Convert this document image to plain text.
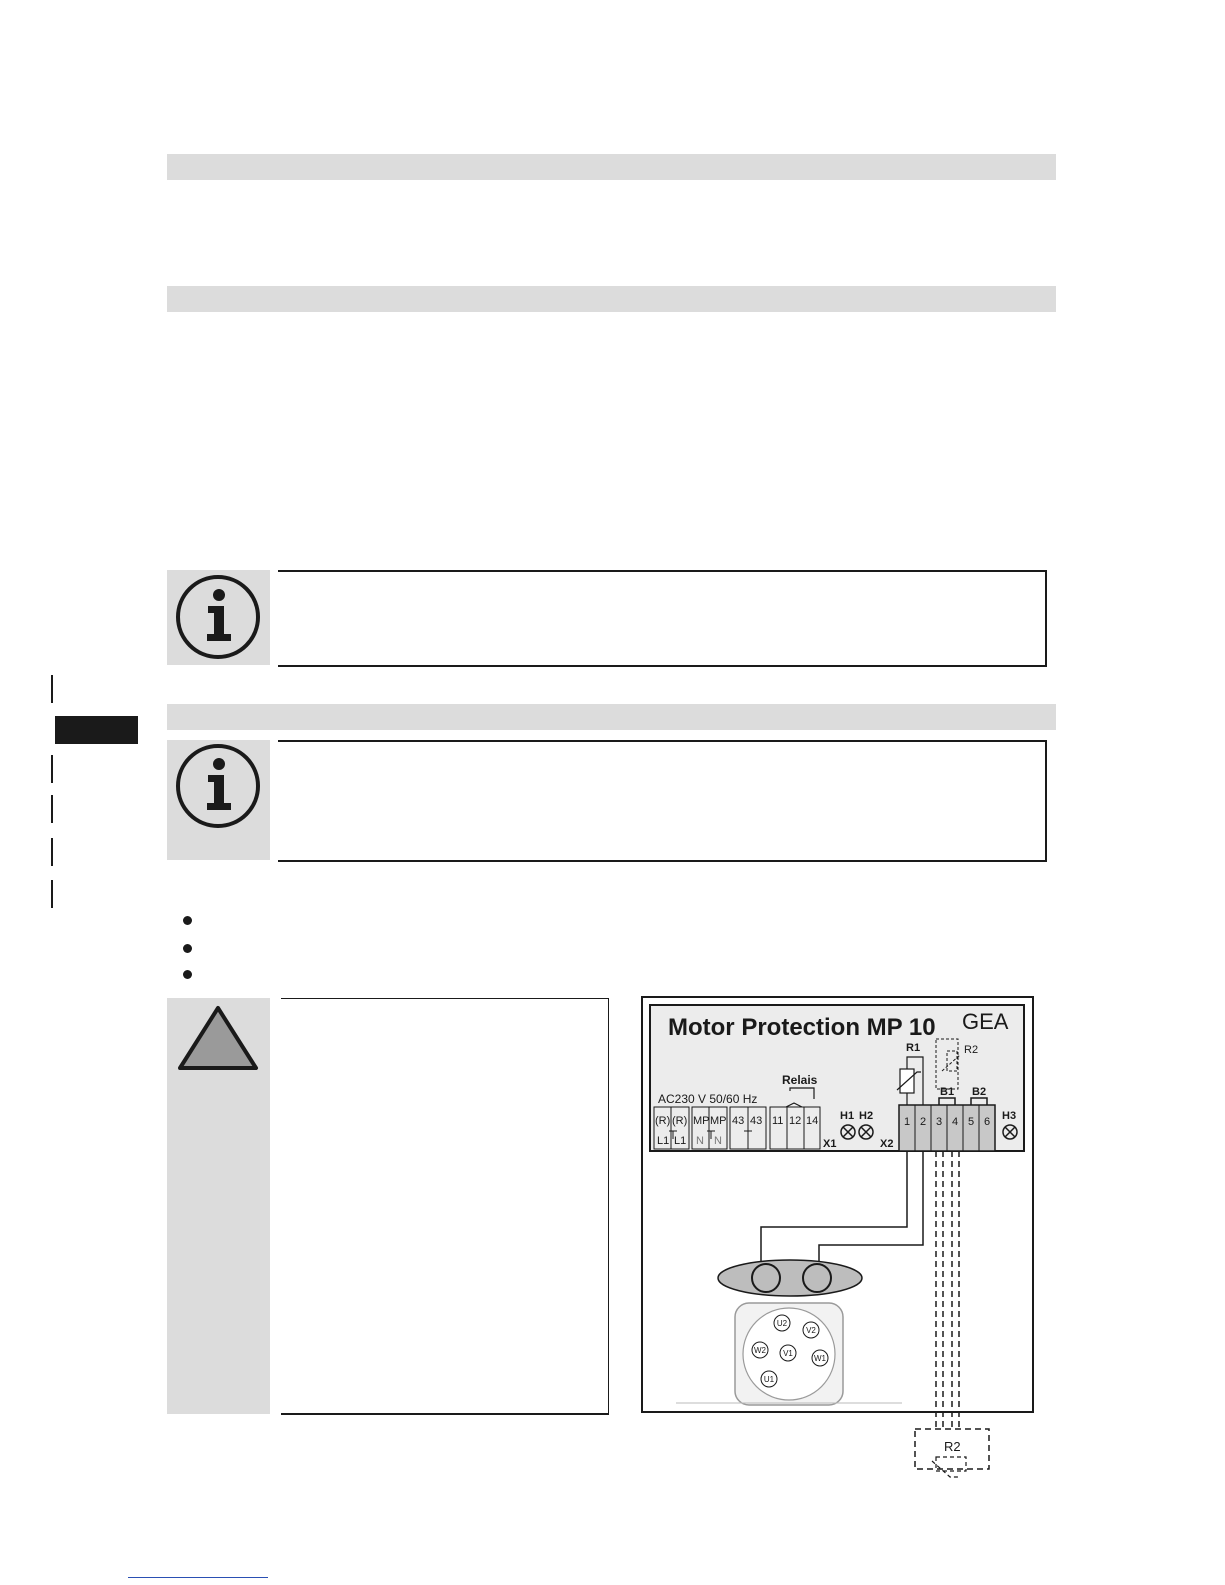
Motor Protection MP 10 GEA
AC230 V 50/60 Hz
Relais
(R)
L1
(R)
L1
MP
N
MP
N
43 43 11 12 14
X1	X2
H1 H2	H3
1 2 3 4 5 6
B1 B2
R1	R2
U2
V2
W2 V1
W1
U1
R2
